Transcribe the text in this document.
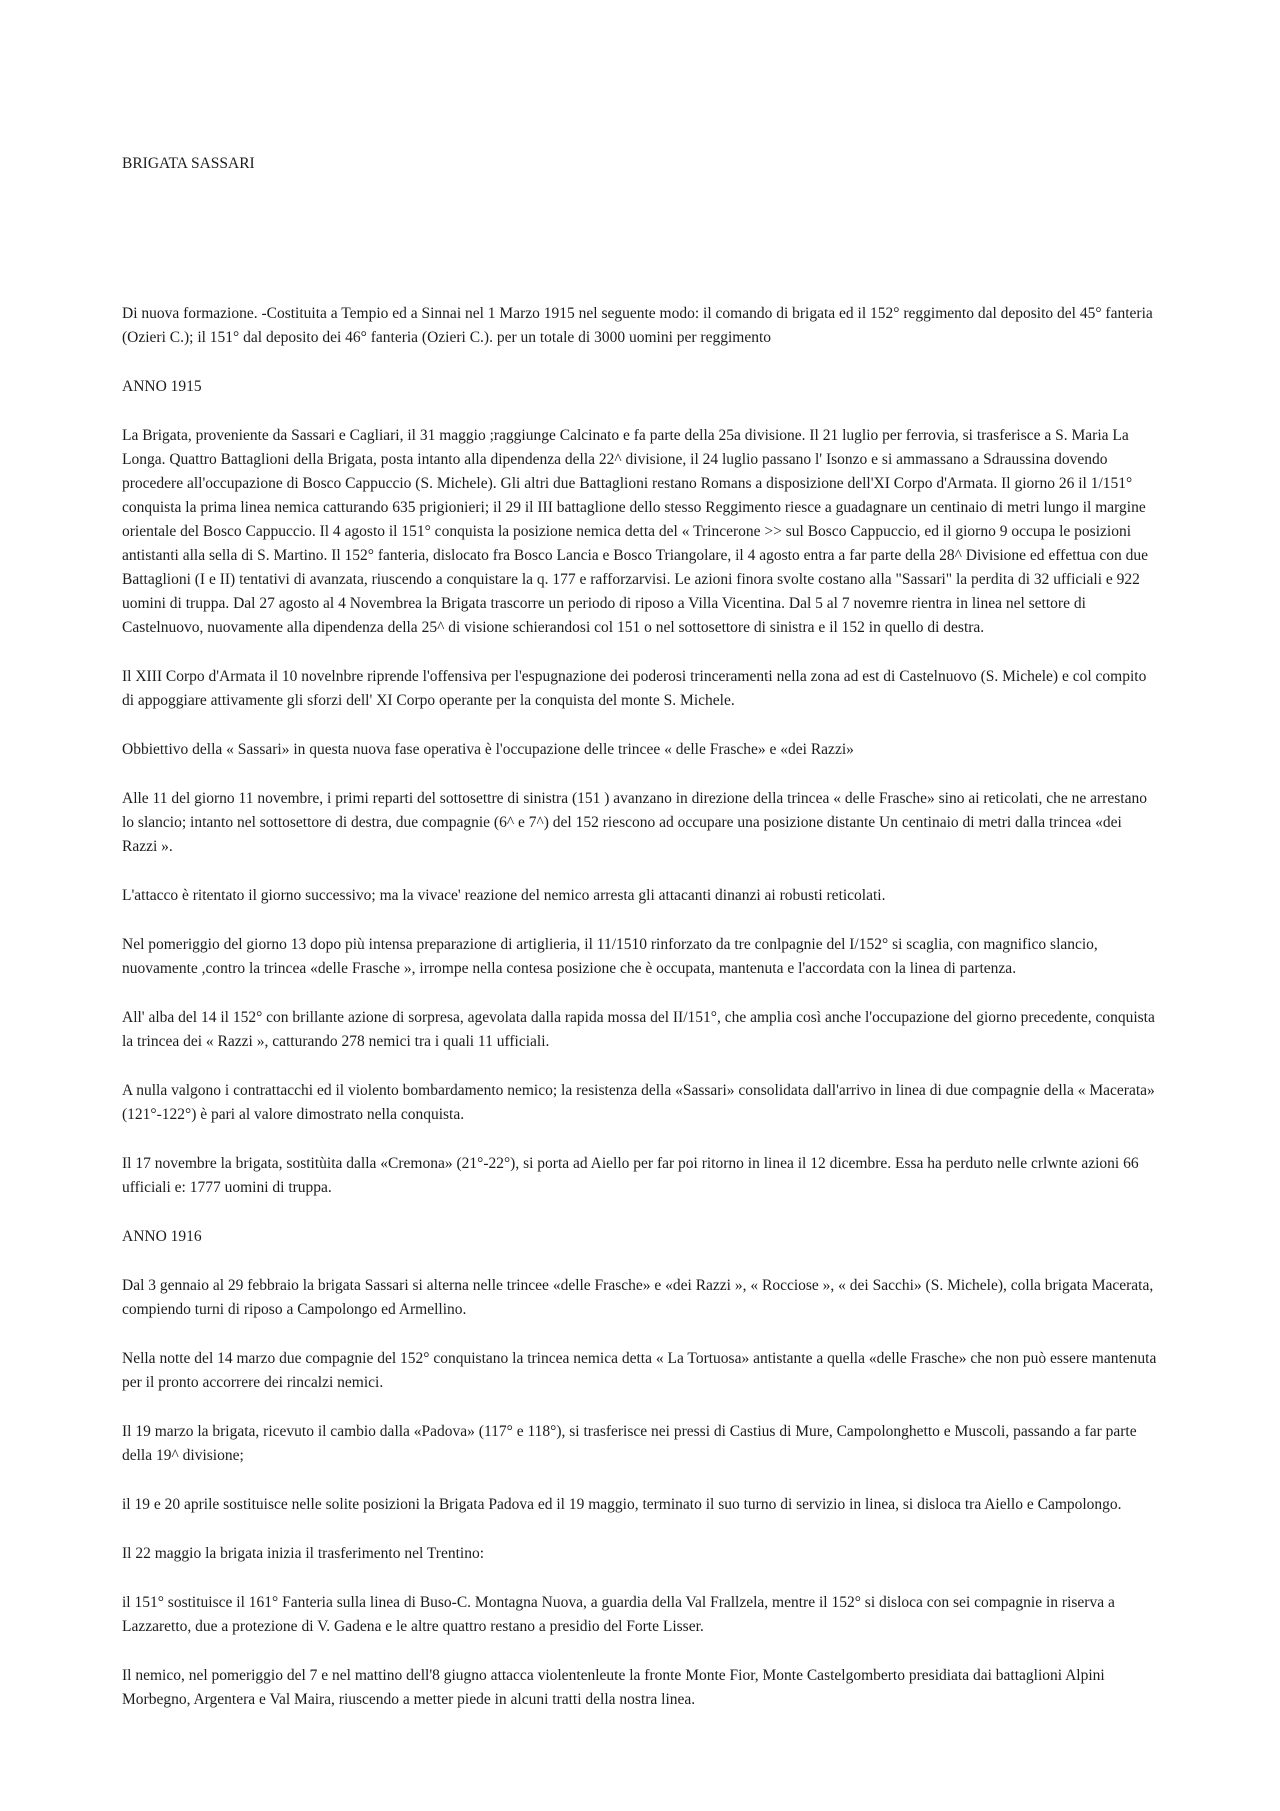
BRIGATA SASSARI

Di nuova formazione. -Costituita a Tempio ed a Sinnai nel 1 Marzo 1915 nel seguente modo: il comando di brigata ed il 152° reggimento dal deposito del 45° fanteria (Ozieri C.); il 151° dal deposito dei 46° fanteria (Ozieri C.). per un totale di 3000 uomini per reggimento

ANNO 1915

La Brigata, proveniente da Sassari e Cagliari, il 31 maggio ;raggiunge Calcinato e fa parte della 25a divisione. Il 21 luglio per ferrovia, si trasferisce a S. Maria La Longa. Quattro Battaglioni della Brigata, posta intanto alla dipendenza della 22^ divisione, il 24 luglio passano l' Isonzo e si ammassano a Sdraussina dovendo procedere all'occupazione di Bosco Cappuccio (S. Michele). Gli altri due Battaglioni restano Romans a disposizione dell'XI Corpo d'Armata. Il giorno 26 il 1/151° conquista la prima linea nemica catturando 635 prigionieri; il 29 il III battaglione dello stesso Reggimento riesce a guadagnare un centinaio di metri lungo il margine orientale del Bosco Cappuccio. Il 4 agosto il 151° conquista la posizione nemica detta del « Trincerone >> sul Bosco Cappuccio, ed il giorno 9 occupa le posizioni antistanti alla sella di S. Martino. Il 152° fanteria, dislocato fra Bosco Lancia e Bosco Triangolare, il 4 agosto entra a far parte della 28^ Divisione ed effettua con due Battaglioni (I e II) tentativi di avanzata, riuscendo a conquistare la q. 177 e rafforzarvisi. Le azioni finora svolte costano alla "Sassari" la perdita di 32 ufficiali e 922 uomini di truppa. Dal 27 agosto al 4 Novembrea la Brigata trascorre un periodo di riposo a Villa Vicentina. Dal 5 al 7 novemre rientra in linea nel settore di Castelnuovo, nuovamente alla dipendenza della 25^ di visione schierandosi col 151 o nel sottosettore di sinistra e il 152 in quello di destra.

Il XIII Corpo d'Armata il 10 novelnbre riprende l'offensiva per l'espugnazione dei poderosi trinceramenti nella zona ad est di Castelnuovo (S. Michele) e col compito di appoggiare attivamente gli sforzi dell' XI Corpo operante per la conquista del monte S. Michele.

Obbiettivo della « Sassari» in questa nuova fase operativa è l'occupazione delle trincee « delle Frasche» e «dei Razzi»

Alle 11 del giorno 11 novembre, i primi reparti del sottosettre di sinistra (151 ) avanzano in direzione della trincea « delle Frasche» sino ai reticolati, che ne arrestano lo slancio; intanto nel sottosettore di destra, due compagnie (6^ e 7^) del 152 riescono ad occupare una posizione distante Un centinaio di metri dalla trincea «dei Razzi ».

L'attacco è ritentato il giorno successivo; ma la vivace' reazione del nemico arresta gli attacanti dinanzi ai robusti reticolati.

Nel pomeriggio del giorno 13 dopo più intensa preparazione di artiglieria, il 11/1510 rinforzato da tre conlpagnie del I/152° si scaglia, con magnifico slancio, nuovamente ,contro la trincea «delle Frasche », irrompe nella contesa posizione che è occupata, mantenuta e l'accordata con la linea di partenza.

All' alba del 14 il 152° con brillante azione di sorpresa, agevolata dalla rapida mossa del II/151°, che amplia così anche l'occupazione del giorno precedente, conquista la trincea dei « Razzi », catturando 278 nemici tra i quali 11 ufficiali.

A nulla valgono i contrattacchi ed il violento bombardamento nemico; la resistenza della «Sassari» consolidata dall'arrivo in linea di due compagnie della « Macerata» (121°-122°) è pari al valore dimostrato nella conquista.

Il 17 novembre la brigata, sostitùita dalla «Cremona» (21°-22°), si porta ad Aiello per far poi ritorno in linea il 12 dicembre. Essa ha perduto nelle crlwnte azioni 66 ufficiali e: 1777 uomini di truppa.

ANNO 1916

Dal 3 gennaio al 29 febbraio la brigata Sassari si alterna nelle trincee «delle Frasche» e «dei Razzi », « Rocciose », « dei Sacchi» (S. Michele), colla brigata Macerata, compiendo turni di riposo a Campolongo ed Armellino.

Nella notte del 14 marzo due compagnie del 152° conquistano la trincea nemica detta « La Tortuosa» antistante a quella «delle Frasche» che non può essere mantenuta per il pronto accorrere dei rincalzi nemici.

Il 19 marzo la brigata, ricevuto il cambio dalla «Padova» (117° e 118°), si trasferisce nei pressi di Castius di Mure, Campolonghetto e Muscoli, passando a far parte della 19^ divisione;

il 19 e 20 aprile sostituisce nelle solite posizioni la Brigata Padova ed il 19 maggio, terminato il suo turno di servizio in linea, si disloca tra Aiello e Campolongo.

Il 22 maggio la brigata inizia il trasferimento nel Trentino:

il 151° sostituisce il 161° Fanteria sulla linea di Buso-C. Montagna Nuova, a guardia della Val Frallzela, mentre il 152° si disloca con sei compagnie in riserva a Lazzaretto, due a protezione di V. Gadena e le altre quattro restano a presidio del Forte Lisser.

Il nemico, nel pomeriggio del 7 e nel mattino dell'8 giugno attacca violentenleute la fronte Monte Fior, Monte Castelgomberto presidiata dai battaglioni Alpini Morbegno, Argentera e Val Maira, riuscendo a metter piede in alcuni tratti della nostra linea.
